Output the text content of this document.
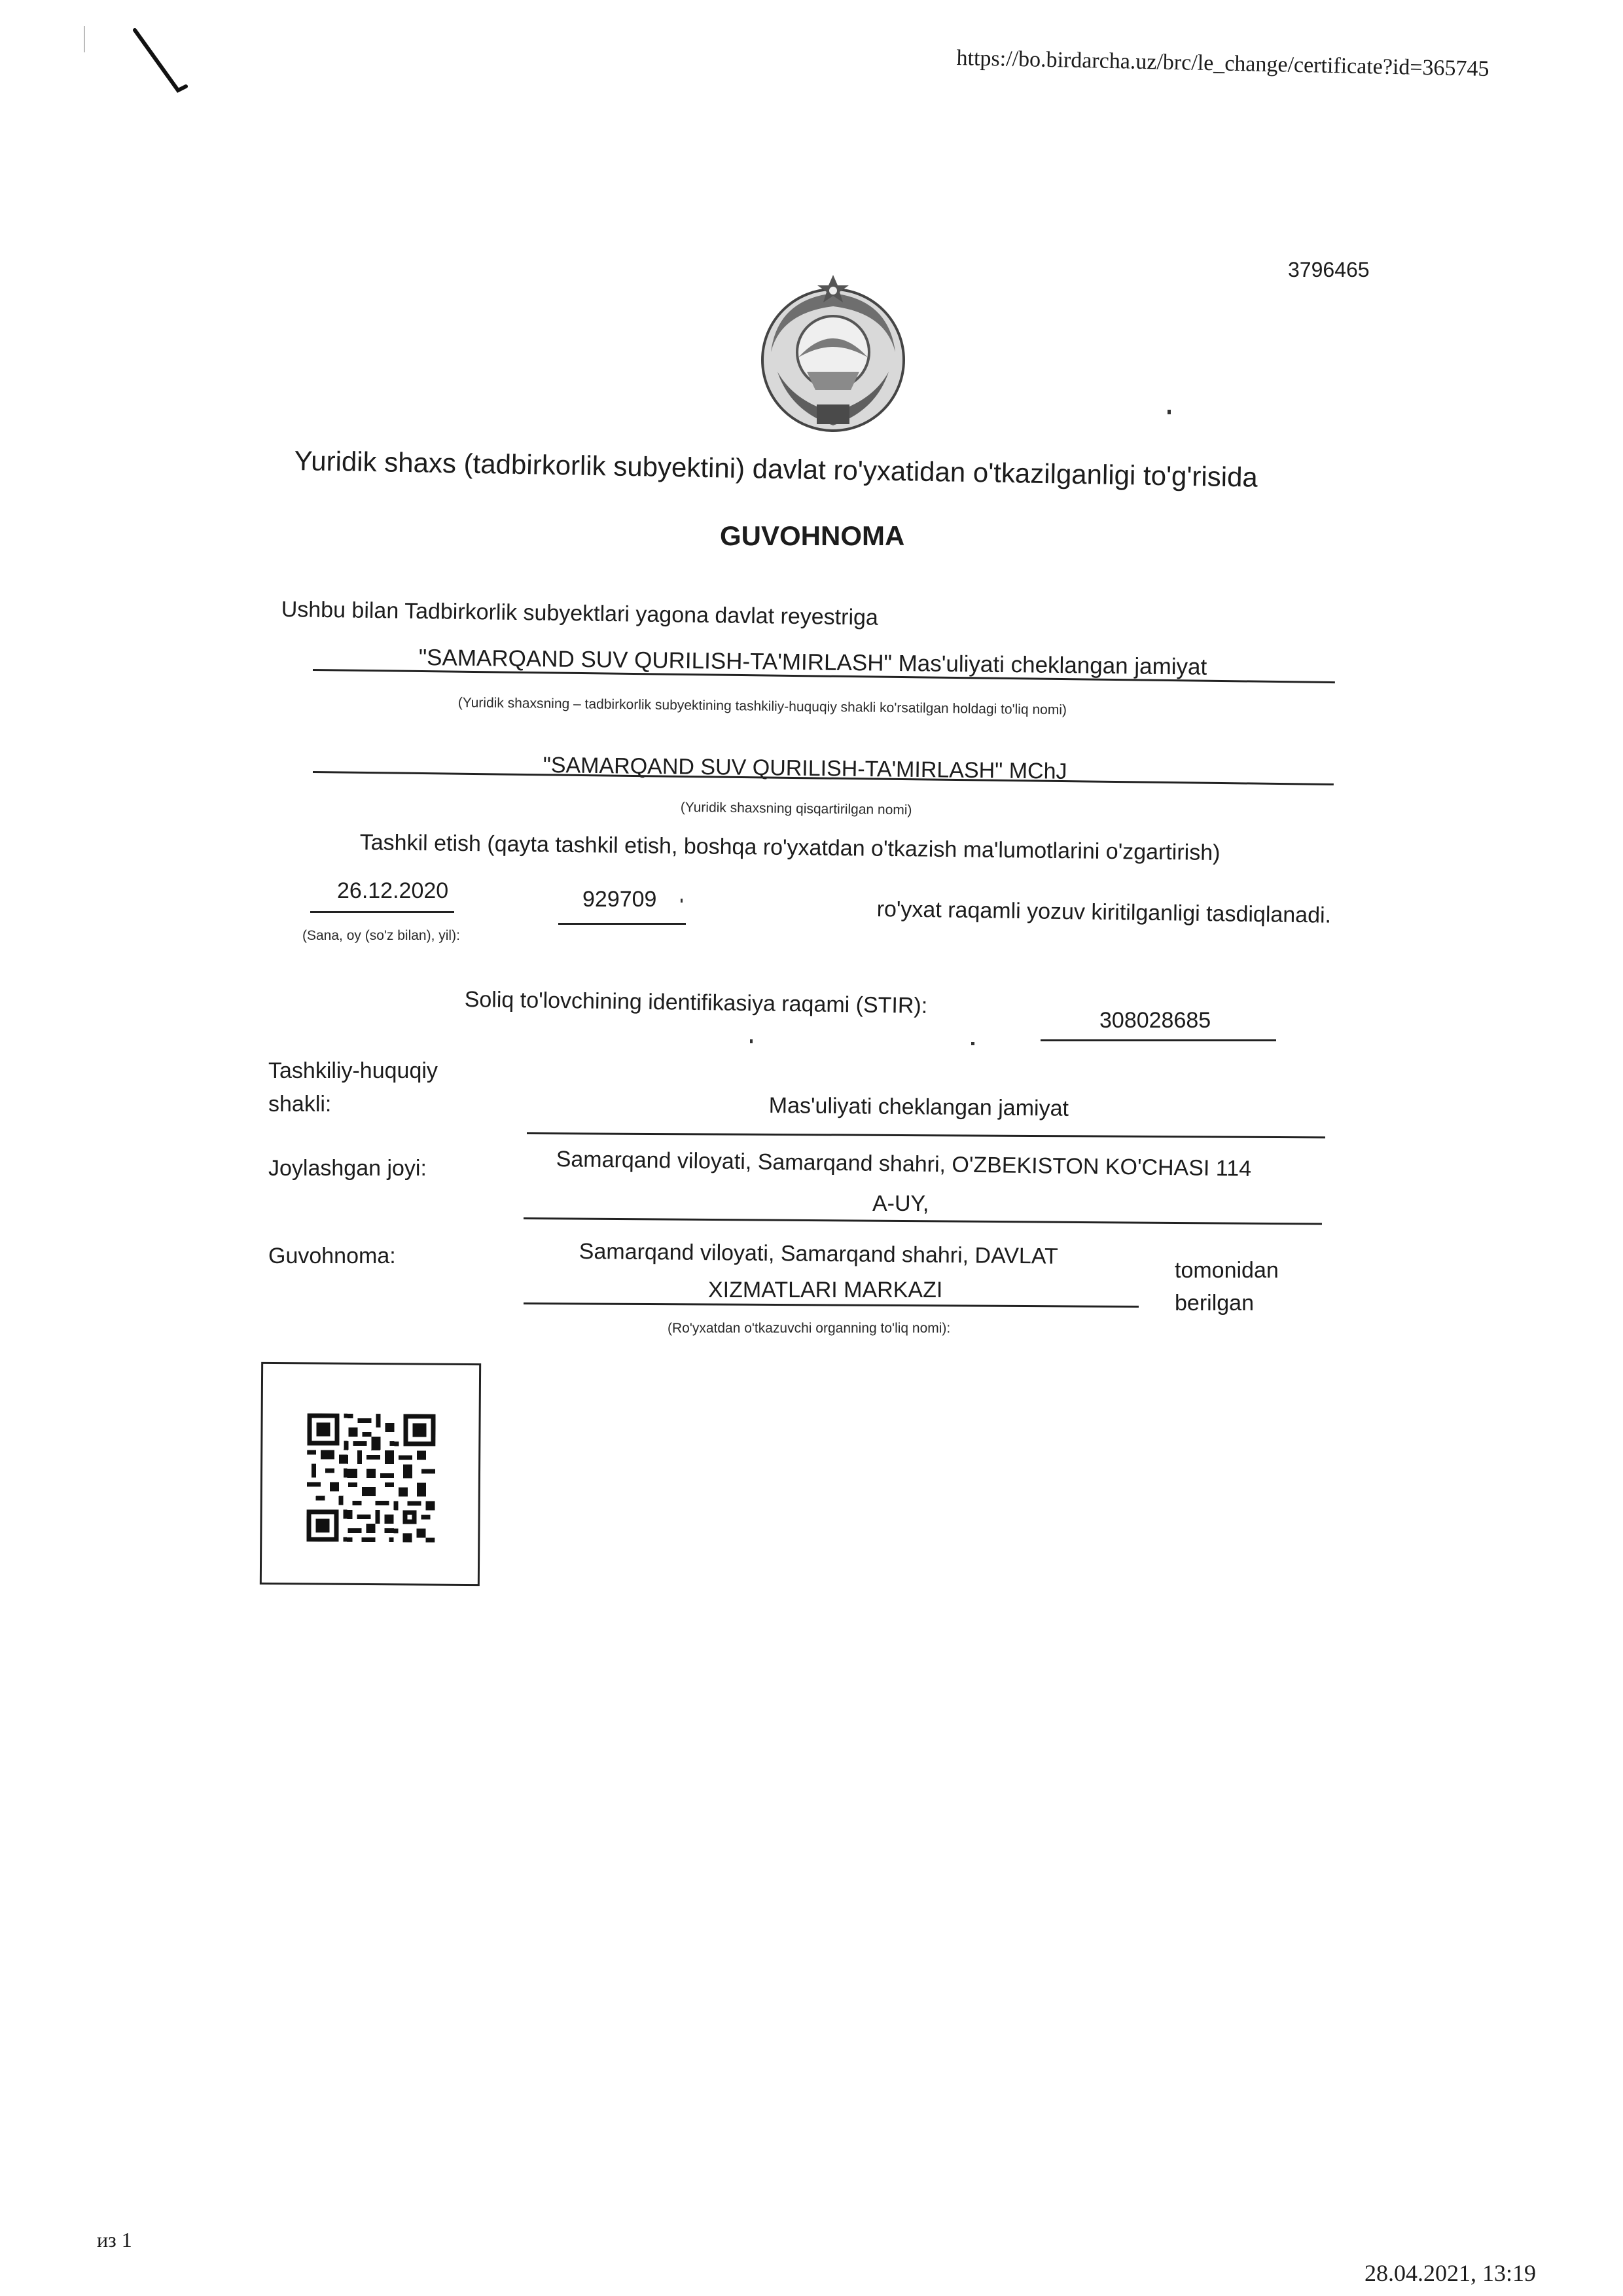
https://bo.birdarcha.uz/brc/le_change/certificate?id=365745
3796465
Yuridik shaxs (tadbirkorlik subyektini) davlat ro'yxatidan o'tkazilganligi to'g'risida
GUVOHNOMA
Ushbu bilan Tadbirkorlik subyektlari yagona davlat reyestriga
"SAMARQAND SUV QURILISH-TA'MIRLASH" Mas'uliyati cheklangan jamiyat
(Yuridik shaxsning – tadbirkorlik subyektining tashkiliy-huquqiy shakli ko'rsatilgan holdagi to'liq nomi)
"SAMARQAND SUV QURILISH-TA'MIRLASH" MChJ
(Yuridik shaxsning qisqartirilgan nomi)
Tashkil etish (qayta tashkil etish, boshqa ro'yxatdan o'tkazish ma'lumotlarini o'zgartirish)
26.12.2020	929709	ro'yxat raqamli yozuv kiritilganligi tasdiqlanadi.
(Sana, oy (so'z bilan), yil):
Soliq to'lovchining identifikasiya raqami (STIR):
308028685
Tashkiliy-huquqiy
shakli:	Mas'uliyati cheklangan jamiyat
Joylashgan joyi:	Samarqand viloyati, Samarqand shahri, O'ZBEKISTON KO'CHASI 114
A-UY,
Guvohnoma:	Samarqand viloyati, Samarqand shahri, DAVLAT
XIZMATLARI MARKAZI
tomonidan
berilgan
(Ro'yxatdan o'tkazuvchi organning to'liq nomi):
из 1
28.04.2021, 13:19
